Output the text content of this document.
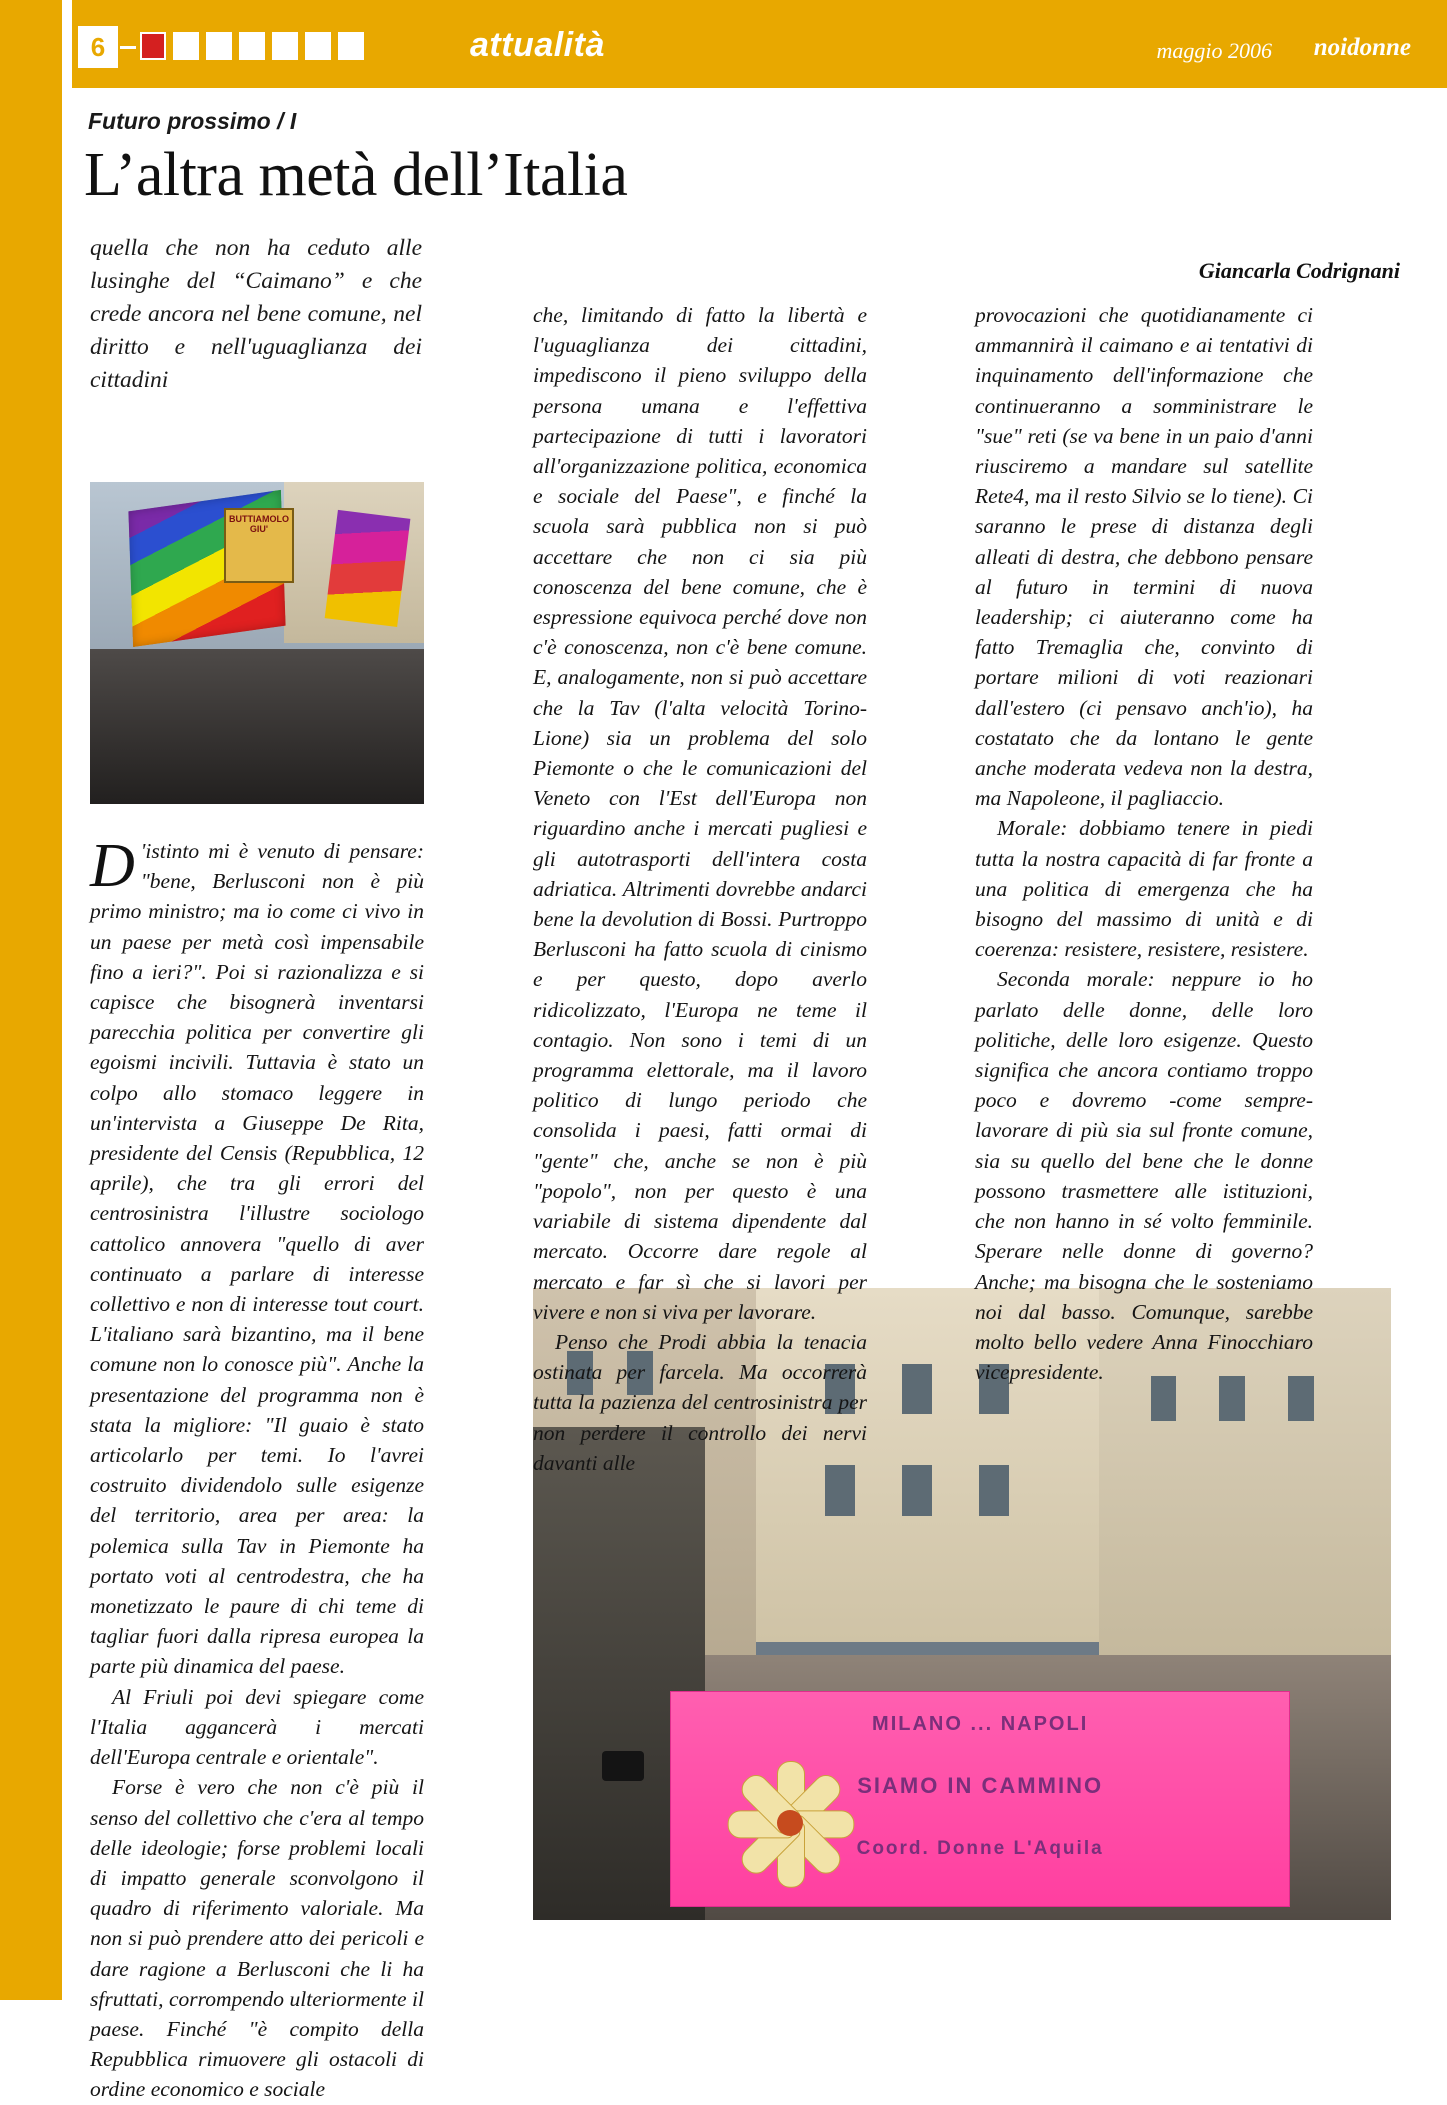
6	attualità	maggio 2006 noidonne
Futuro prossimo / I
L’altra metà dell’Italia
quella che non ha ceduto alle lusinghe del “Caimano” e che crede ancora nel bene comune, nel diritto e nell'uguaglianza dei cittadini
Giancarla Codrignani
BUTTIAMOLO GIU'
MILANO ... NAPOLI
SIAMO IN CAMMINO
Coord. Donne L'Aquila

D 'istinto mi è venuto di pensare: "bene, Berlusconi non è più primo ministro; ma io come ci vivo in un paese per metà così impensabile fino a ieri?". Poi si razionalizza e si capisce che bisognerà inventarsi parecchia politica per convertire gli egoismi incivili. Tuttavia è stato un colpo allo stomaco leggere in un'intervista a Giuseppe De Rita, presidente del Censis (Repubblica, 12 aprile), che tra gli errori del centrosinistra l'illustre sociologo cattolico annovera "quello di aver continuato a parlare di interesse collettivo e non di interesse tout court. L'italiano sarà bizantino, ma il bene comune non lo conosce più". Anche la presentazione del programma non è stata la migliore: "Il guaio è stato articolarlo per temi. Io l'avrei costruito dividendolo sulle esigenze del territorio, area per area: la polemica sulla Tav in Piemonte ha portato voti al centrodestra, che ha monetizzato le paure di chi teme di tagliar fuori dalla ripresa europea la parte più dinamica del paese.

Al Friuli poi devi spiegare come l'Italia aggancerà i mercati dell'Europa centrale e orientale".

Forse è vero che non c'è più il senso del collettivo che c'era al tempo delle ideologie; forse problemi locali di impatto generale sconvolgono il quadro di riferimento valoriale. Ma non si può prendere atto dei pericoli e dare ragione a Berlusconi che li ha sfruttati, corrompendo ulteriormente il paese. Finché "è compito della Repubblica rimuovere gli ostacoli di ordine economico e sociale

che, limitando di fatto la libertà e l'uguaglianza dei cittadini, impediscono il pieno sviluppo della persona umana e l'effettiva partecipazione di tutti i lavoratori all'organizzazione politica, economica e sociale del Paese", e finché la scuola sarà pubblica non si può accettare che non ci sia più conoscenza del bene comune, che è espressione equivoca perché dove non c'è conoscenza, non c'è bene comune. E, analogamente, non si può accettare che la Tav (l'alta velocità Torino-Lione) sia un problema del solo Piemonte o che le comunicazioni del Veneto con l'Est dell'Europa non riguardino anche i mercati pugliesi e gli autotrasporti dell'intera costa adriatica. Altrimenti dovrebbe andarci bene la devolution di Bossi. Purtroppo Berlusconi ha fatto scuola di cinismo e per questo, dopo averlo ridicolizzato, l'Europa ne teme il contagio. Non sono i temi di un programma elettorale, ma il lavoro politico di lungo periodo che consolida i paesi, fatti ormai di "gente" che, anche se non è più "popolo", non per questo è una variabile di sistema dipendente dal mercato. Occorre dare regole al mercato e far sì che si lavori per vivere e non si viva per lavorare.

Penso che Prodi abbia la tenacia ostinata per farcela. Ma occorrerà tutta la pazienza del centrosinistra per non perdere il controllo dei nervi davanti alle

provocazioni che quotidianamente ci ammannirà il caimano e ai tentativi di inquinamento dell'informazione che continueranno a somministrare le "sue" reti (se va bene in un paio d'anni riusciremo a mandare sul satellite Rete4, ma il resto Silvio se lo tiene). Ci saranno le prese di distanza degli alleati di destra, che debbono pensare al futuro in termini di nuova leadership; ci aiuteranno come ha fatto Tremaglia che, convinto di portare milioni di voti reazionari dall'estero (ci pensavo anch'io), ha costatato che da lontano le gente anche moderata vedeva non la destra, ma Napoleone, il pagliaccio.

Morale: dobbiamo tenere in piedi tutta la nostra capacità di far fronte a una politica di emergenza che ha bisogno del massimo di unità e di coerenza: resistere, resistere, resistere.

Seconda morale: neppure io ho parlato delle donne, delle loro politiche, delle loro esigenze. Questo significa che ancora contiamo troppo poco e dovremo -come sempre- lavorare di più sia sul fronte comune, sia su quello del bene che le donne possono trasmettere alle istituzioni, che non hanno in sé volto femminile. Sperare nelle donne di governo? Anche; ma bisogna che le sosteniamo noi dal basso. Comunque, sarebbe molto bello vedere Anna Finocchiaro vicepresidente.
